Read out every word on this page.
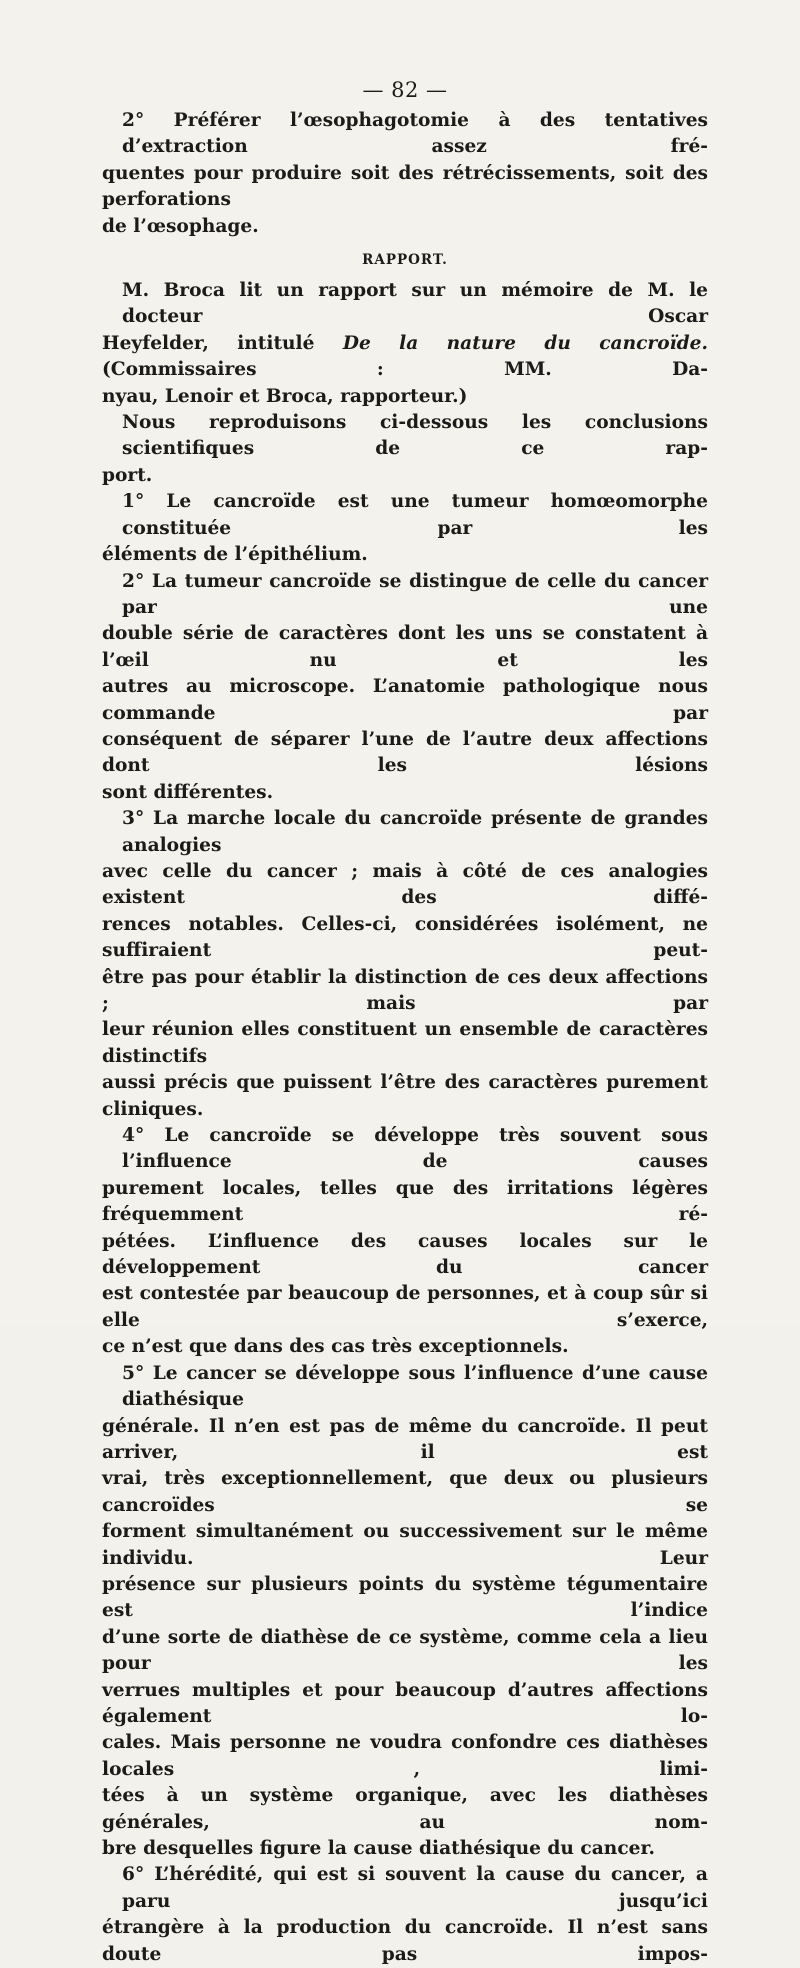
— 82 —

2° Préférer l’œsophagotomie à des tentatives d’extraction assez fré-
quentes pour produire soit des rétrécissements, soit des perforations
de l’œsophage.

RAPPORT.

M. Broca lit un rapport sur un mémoire de M. le docteur Oscar
Heyfelder, intitulé De la nature du cancroïde. (Commissaires : MM. Da-
nyau, Lenoir et Broca, rapporteur.)

Nous reproduisons ci-dessous les conclusions scientifiques de ce rap-
port.

1° Le cancroïde est une tumeur homœomorphe constituée par les
éléments de l’épithélium.

2° La tumeur cancroïde se distingue de celle du cancer par une
double série de caractères dont les uns se constatent à l’œil nu et les
autres au microscope. L’anatomie pathologique nous commande par
conséquent de séparer l’une de l’autre deux affections dont les lésions
sont différentes.

3° La marche locale du cancroïde présente de grandes analogies
avec celle du cancer ; mais à côté de ces analogies existent des diffé-
rences notables. Celles-ci, considérées isolément, ne suffiraient peut-
être pas pour établir la distinction de ces deux affections ; mais par
leur réunion elles constituent un ensemble de caractères distinctifs
aussi précis que puissent l’être des caractères purement cliniques.

4° Le cancroïde se développe très souvent sous l’influence de causes
purement locales, telles que des irritations légères fréquemment ré-
pétées. L’influence des causes locales sur le développement du cancer
est contestée par beaucoup de personnes, et à coup sûr si elle s’exerce,
ce n’est que dans des cas très exceptionnels.

5° Le cancer se développe sous l’influence d’une cause diathésique
générale. Il n’en est pas de même du cancroïde. Il peut arriver, il est
vrai, très exceptionnellement, que deux ou plusieurs cancroïdes se
forment simultanément ou successivement sur le même individu. Leur
présence sur plusieurs points du système tégumentaire est l’indice
d’une sorte de diathèse de ce système, comme cela a lieu pour les
verrues multiples et pour beaucoup d’autres affections également lo-
cales. Mais personne ne voudra confondre ces diathèses locales , limi-
tées à un système organique, avec les diathèses générales, au nom-
bre desquelles figure la cause diathésique du cancer.

6° L’hérédité, qui est si souvent la cause du cancer, a paru jusqu’ici
étrangère à la production du cancroïde. Il n’est sans doute pas impos-
